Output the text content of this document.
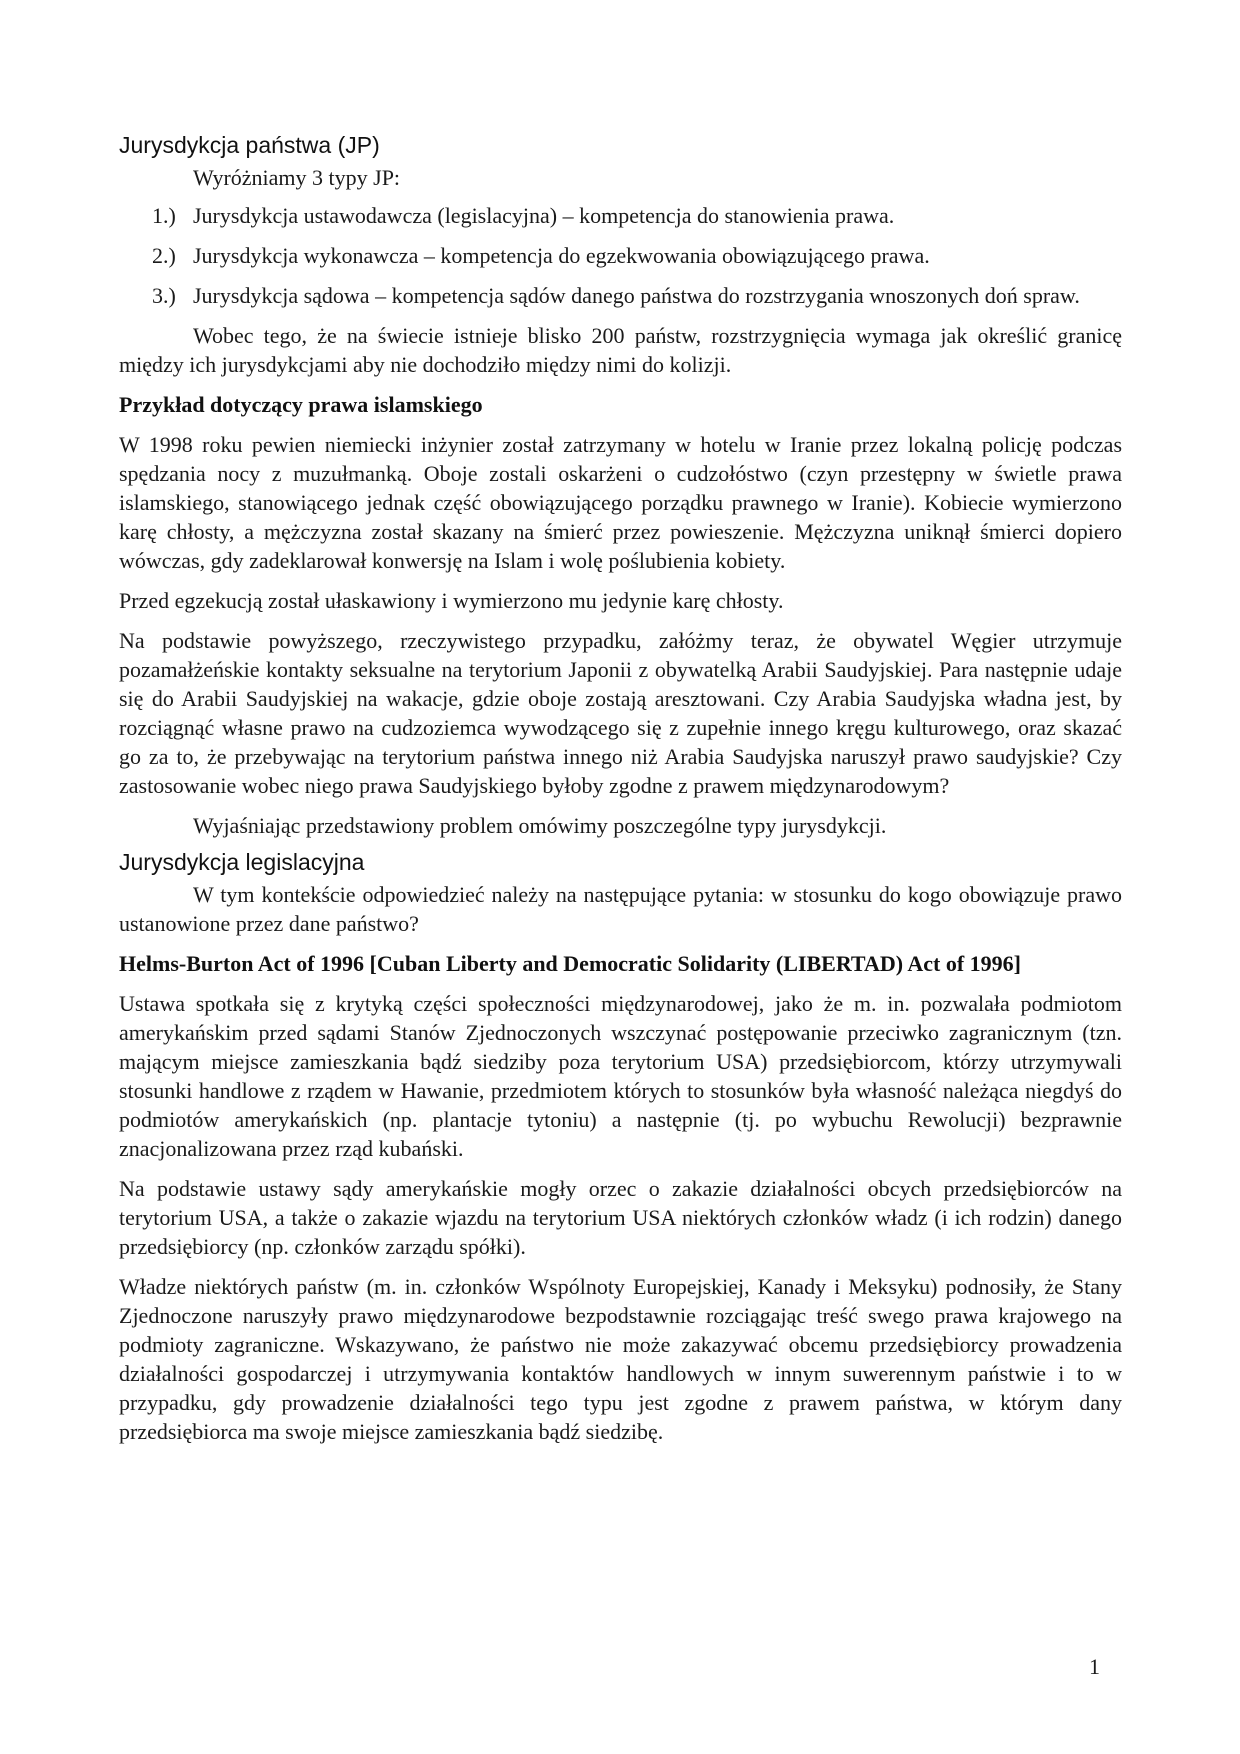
Jurysdykcja państwa (JP)

Wyróżniamy 3 typy JP:

1.) Jurysdykcja ustawodawcza (legislacyjna) – kompetencja do stanowienia prawa.
2.) Jurysdykcja wykonawcza – kompetencja do egzekwowania obowiązującego prawa.
3.) Jurysdykcja sądowa – kompetencja sądów danego państwa do rozstrzygania wnoszonych doń spraw.

Wobec tego, że na świecie istnieje blisko 200 państw, rozstrzygnięcia wymaga jak określić granicę między ich jurysdykcjami aby nie dochodziło między nimi do kolizji.

Przykład dotyczący prawa islamskiego

W 1998 roku pewien niemiecki inżynier został zatrzymany w hotelu w Iranie przez lokalną policję podczas spędzania nocy z muzułmanką. Oboje zostali oskarżeni o cudzołóstwo (czyn przestępny w świetle prawa islamskiego, stanowiącego jednak część obowiązującego porządku prawnego w Iranie). Kobiecie wymierzono karę chłosty, a mężczyzna został skazany na śmierć przez powieszenie. Mężczyzna uniknął śmierci dopiero wówczas, gdy zadeklarował konwersję na Islam i wolę poślubienia kobiety.

Przed egzekucją został ułaskawiony i wymierzono mu jedynie karę chłosty.

Na podstawie powyższego, rzeczywistego przypadku, załóżmy teraz, że obywatel Węgier utrzymuje pozamałżeńskie kontakty seksualne na terytorium Japonii z obywatelką Arabii Saudyjskiej. Para następnie udaje się do Arabii Saudyjskiej na wakacje, gdzie oboje zostają aresztowani. Czy Arabia Saudyjska władna jest, by rozciągnąć własne prawo na cudzoziemca wywodzącego się z zupełnie innego kręgu kulturowego, oraz skazać go za to, że przebywając na terytorium państwa innego niż Arabia Saudyjska naruszył prawo saudyjskie? Czy zastosowanie wobec niego prawa Saudyjskiego byłoby zgodne z prawem międzynarodowym?

Wyjaśniając przedstawiony problem omówimy poszczególne typy jurysdykcji.

Jurysdykcja legislacyjna

W tym kontekście odpowiedzieć należy na następujące pytania: w stosunku do kogo obowiązuje prawo ustanowione przez dane państwo?

Helms-Burton Act of 1996 [Cuban Liberty and Democratic Solidarity (LIBERTAD) Act of 1996]

Ustawa spotkała się z krytyką części społeczności międzynarodowej, jako że m. in. pozwalała podmiotom amerykańskim przed sądami Stanów Zjednoczonych wszczynać postępowanie przeciwko zagranicznym (tzn. mającym miejsce zamieszkania bądź siedziby poza terytorium USA) przedsiębiorcom, którzy utrzymywali stosunki handlowe z rządem w Hawanie, przedmiotem których to stosunków była własność należąca niegdyś do podmiotów amerykańskich (np. plantacje tytoniu) a następnie (tj. po wybuchu Rewolucji) bezprawnie znacjonalizowana przez rząd kubański.

Na podstawie ustawy sądy amerykańskie mogły orzec o zakazie działalności obcych przedsiębiorców na terytorium USA, a także o zakazie wjazdu na terytorium USA niektórych członków władz (i ich rodzin) danego przedsiębiorcy (np. członków zarządu spółki).

Władze niektórych państw (m. in. członków Wspólnoty Europejskiej, Kanady i Meksyku) podnosiły, że Stany Zjednoczone naruszyły prawo międzynarodowe bezpodstawnie rozciągając treść swego prawa krajowego na podmioty zagraniczne. Wskazywano, że państwo nie może zakazywać obcemu przedsiębiorcy prowadzenia działalności gospodarczej i utrzymywania kontaktów handlowych w innym suwerennym państwie i to w przypadku, gdy prowadzenie działalności tego typu jest zgodne z prawem państwa, w którym dany przedsiębiorca ma swoje miejsce zamieszkania bądź siedzibę.

1
